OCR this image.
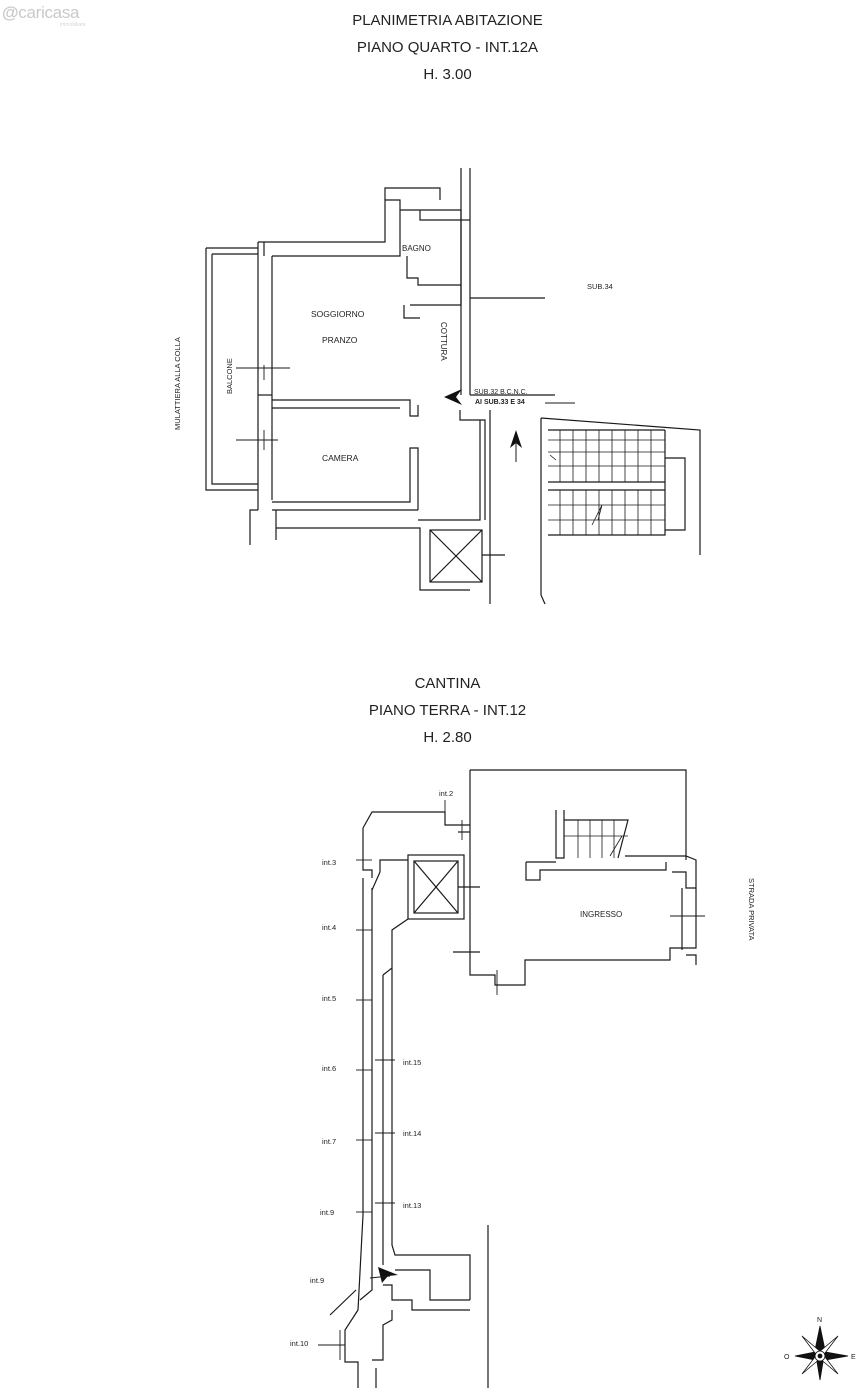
@caricasa
immobiliare	PLANIMETRIA ABITAZIONE
PIANO QUARTO - INT.12A
H. 3.00
CANTINA
PIANO TERRA - INT.12
H. 2.80
BAGNO
SOGGIORNO
PRANZO	COTTURA
CAMERA
BALCONE
MULATTIERA ALLA COLLA
SUB.34
SUB.32 B.C.N.C.
AI SUB.33 E 34
INGRESSO	STRADA PRIVATA
int.2
int.3
int.4
int.5
int.6
int.7
int.9
int.9
int.10
int.15
int.14
int.13
N
O	E
